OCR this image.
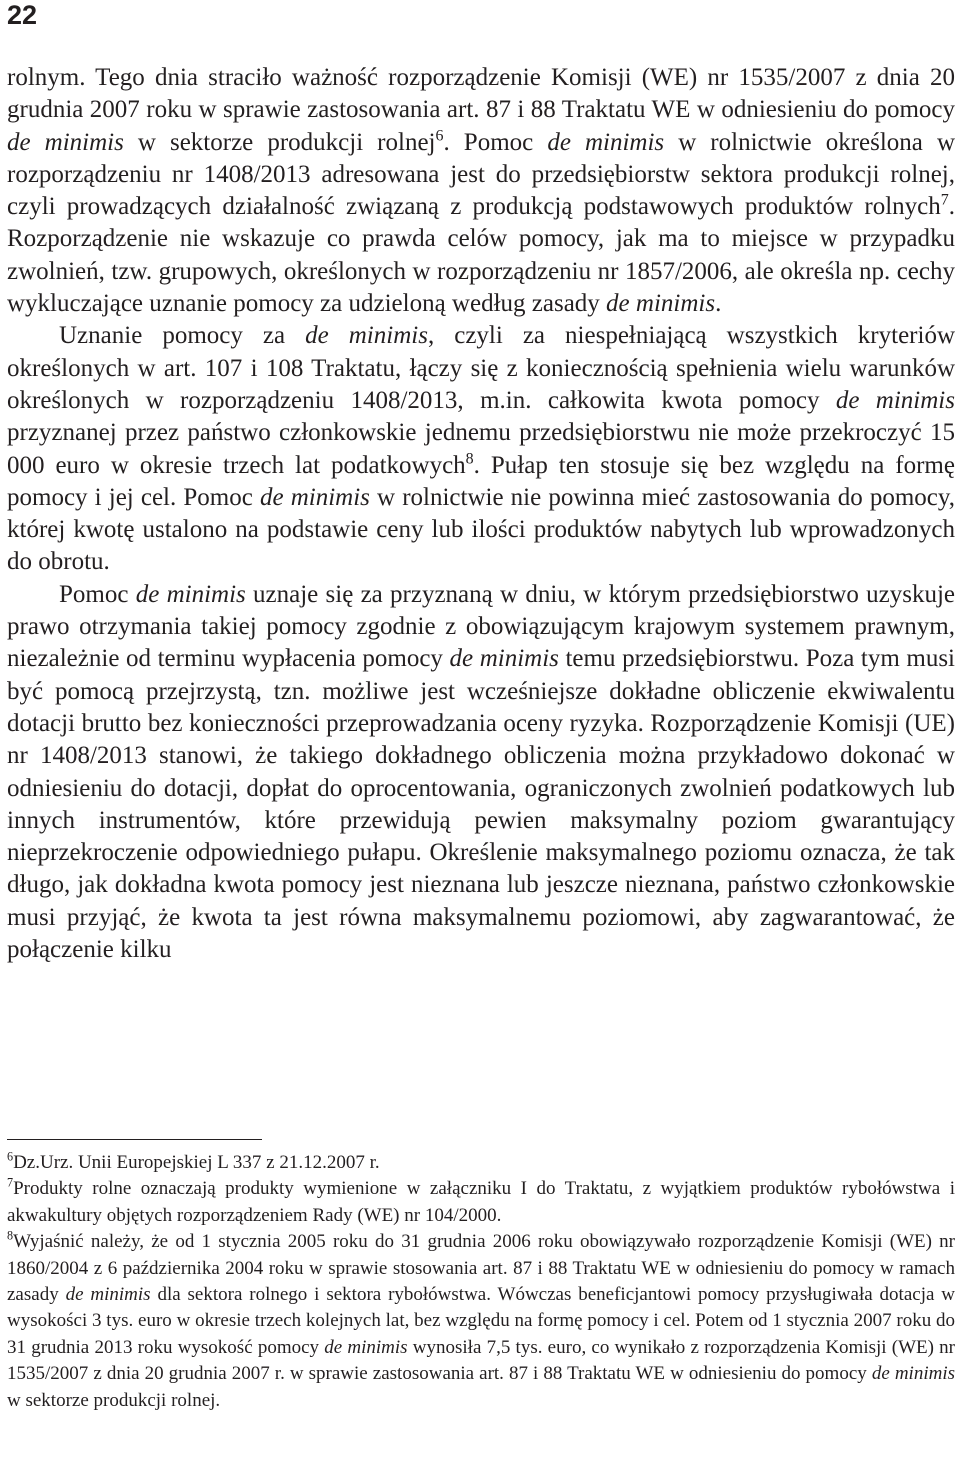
22

rolnym. Tego dnia straciło ważność rozporządzenie Komisji (WE) nr 1535/2007 z dnia 20 grudnia 2007 roku w sprawie zastosowania art. 87 i 88 Traktatu WE w odniesieniu do pomocy de minimis w sektorze produkcji rolnej$^6$. Pomoc de minimis w rolnictwie określona w rozporządzeniu nr 1408/2013 adresowana jest do przedsiębiorstw sektora produkcji rolnej, czyli prowadzących działalność związaną z produkcją podstawowych produktów rolnych$^7$. Rozporządzenie nie wskazuje co prawda celów pomocy, jak ma to miejsce w przypadku zwolnień, tzw. grupowych, określonych w rozporządzeniu nr 1857/2006, ale określa np. cechy wykluczające uznanie pomocy za udzieloną według zasady de minimis.

Uznanie pomocy za de minimis, czyli za niespełniającą wszystkich kryteriów określonych w art. 107 i 108 Traktatu, łączy się z koniecznością spełnienia wielu warunków określonych w rozporządzeniu 1408/2013, m.in. całkowita kwota pomocy de minimis przyznanej przez państwo członkowskie jednemu przedsiębiorstwu nie może przekroczyć 15 000 euro w okresie trzech lat podatkowych$^8$. Pułap ten stosuje się bez względu na formę pomocy i jej cel. Pomoc de minimis w rolnictwie nie powinna mieć zastosowania do pomocy, której kwotę ustalono na podstawie ceny lub ilości produktów nabytych lub wprowadzonych do obrotu.

Pomoc de minimis uznaje się za przyznaną w dniu, w którym przedsiębiorstwo uzyskuje prawo otrzymania takiej pomocy zgodnie z obowiązującym krajowym systemem prawnym, niezależnie od terminu wypłacenia pomocy de minimis temu przedsiębiorstwu. Poza tym musi być pomocą przejrzystą, tzn. możliwe jest wcześniejsze dokładne obliczenie ekwiwalentu dotacji brutto bez konieczności przeprowadzania oceny ryzyka. Rozporządzenie Komisji (UE) nr 1408/2013 stanowi, że takiego dokładnego obliczenia można przykładowo dokonać w odniesieniu do dotacji, dopłat do oprocentowania, ograniczonych zwolnień podatkowych lub innych instrumentów, które przewidują pewien maksymalny poziom gwarantujący nieprzekroczenie odpowiedniego pułapu. Określenie maksymalnego poziomu oznacza, że tak długo, jak dokładna kwota pomocy jest nieznana lub jeszcze nieznana, państwo członkowskie musi przyjąć, że kwota ta jest równa maksymalnemu poziomowi, aby zagwarantować, że połączenie kilku

$^6$Dz.Urz. Unii Europejskiej L 337 z 21.12.2007 r.

$^7$Produkty rolne oznaczają produkty wymienione w załączniku I do Traktatu, z wyjątkiem produktów rybołówstwa i akwakultury objętych rozporządzeniem Rady (WE) nr 104/2000.

$^8$Wyjaśnić należy, że od 1 stycznia 2005 roku do 31 grudnia 2006 roku obowiązywało rozporządzenie Komisji (WE) nr 1860/2004 z 6 października 2004 roku w sprawie stosowania art. 87 i 88 Traktatu WE w odniesieniu do pomocy w ramach zasady de minimis dla sektora rolnego i sektora rybołówstwa. Wówczas beneficjantowi pomocy przysługiwała dotacja w wysokości 3 tys. euro w okresie trzech kolejnych lat, bez względu na formę pomocy i cel. Potem od 1 stycznia 2007 roku do 31 grudnia 2013 roku wysokość pomocy de minimis wynosiła 7,5 tys. euro, co wynikało z rozporządzenia Komisji (WE) nr 1535/2007 z dnia 20 grudnia 2007 r. w sprawie zastosowania art. 87 i 88 Traktatu WE w odniesieniu do pomocy de minimis w sektorze produkcji rolnej.
